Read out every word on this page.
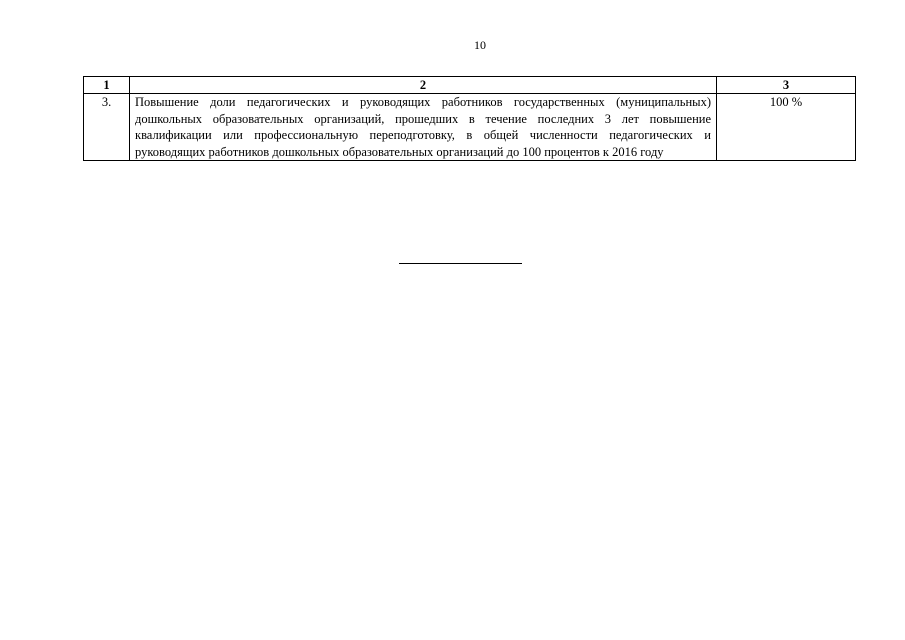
10
1	2	3
3.	Повышение доли педагогических и руководящих работников государственных (муниципальных) дошкольных образовательных организаций, прошедших в течение последних 3 лет повышение квалификации или профессиональную переподготовку, в общей численности педагогических и руководящих работников дошкольных образовательных организаций до 100 процентов к 2016 году	100 %
